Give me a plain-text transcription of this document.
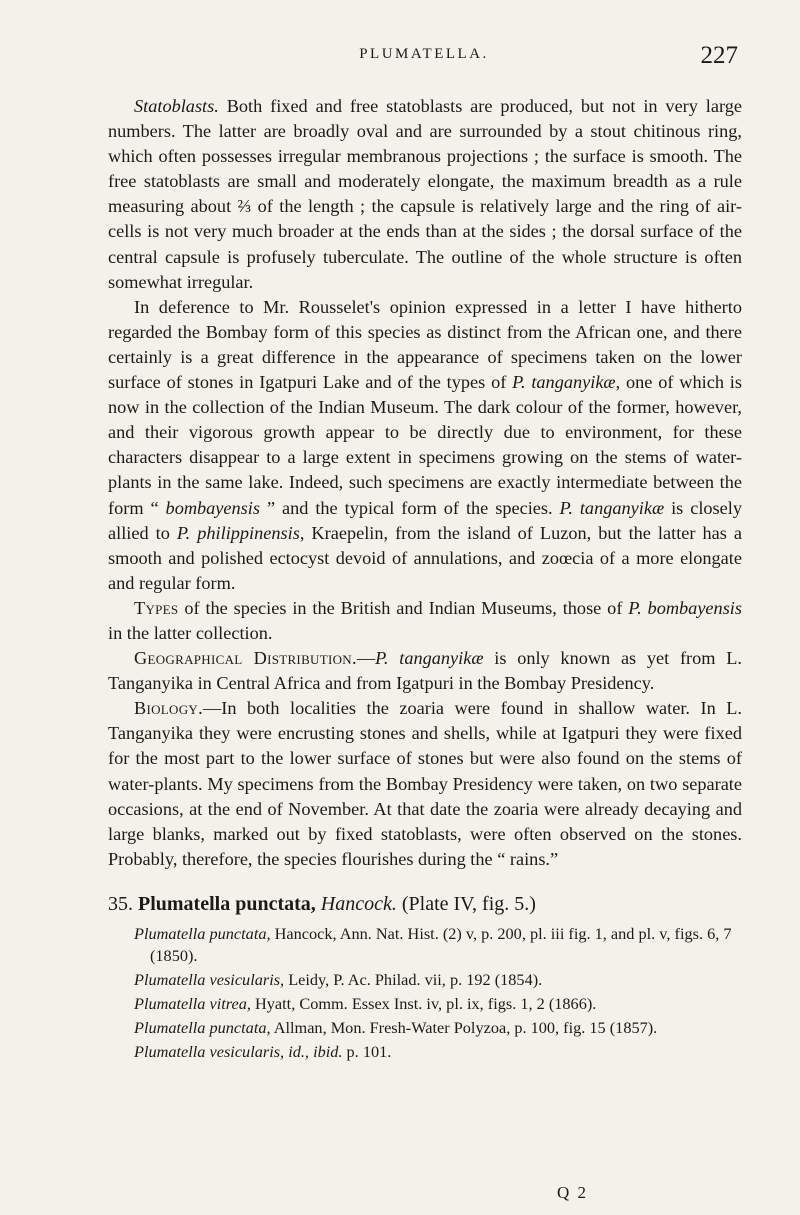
PLUMATELLA.	227

Statoblasts. Both fixed and free statoblasts are produced, but not in very large numbers. The latter are broadly oval and are surrounded by a stout chitinous ring, which often possesses irregular membranous projections ; the surface is smooth. The free statoblasts are small and moderately elongate, the maximum breadth as a rule measuring about ⅔ of the length ; the capsule is relatively large and the ring of air-cells is not very much broader at the ends than at the sides ; the dorsal surface of the central capsule is profusely tuberculate. The outline of the whole structure is often somewhat irregular.

In deference to Mr. Rousselet's opinion expressed in a letter I have hitherto regarded the Bombay form of this species as distinct from the African one, and there certainly is a great difference in the appearance of specimens taken on the lower surface of stones in Igatpuri Lake and of the types of P. tanganyikæ, one of which is now in the collection of the Indian Museum. The dark colour of the former, however, and their vigorous growth appear to be directly due to environment, for these characters disappear to a large extent in specimens growing on the stems of water-plants in the same lake. Indeed, such specimens are exactly intermediate between the form “ bombayensis ” and the typical form of the species. P. tanganyikæ is closely allied to P. philippinensis, Kraepelin, from the island of Luzon, but the latter has a smooth and polished ectocyst devoid of annulations, and zoœcia of a more elongate and regular form.

Types of the species in the British and Indian Museums, those of P. bombayensis in the latter collection.

Geographical Distribution.—P. tanganyikæ is only known as yet from L. Tanganyika in Central Africa and from Igatpuri in the Bombay Presidency.

Biology.—In both localities the zoaria were found in shallow water. In L. Tanganyika they were encrusting stones and shells, while at Igatpuri they were fixed for the most part to the lower surface of stones but were also found on the stems of water-plants. My specimens from the Bombay Presidency were taken, on two separate occasions, at the end of November. At that date the zoaria were already decaying and large blanks, marked out by fixed statoblasts, were often observed on the stones. Probably, therefore, the species flourishes during the “ rains.”

35. Plumatella punctata, Hancock. (Plate IV, fig. 5.)
Plumatella punctata, Hancock, Ann. Nat. Hist. (2) v, p. 200, pl. iii fig. 1, and pl. v, figs. 6, 7 (1850).
Plumatella vesicularis, Leidy, P. Ac. Philad. vii, p. 192 (1854).
Plumatella vitrea, Hyatt, Comm. Essex Inst. iv, pl. ix, figs. 1, 2 (1866).
Plumatella punctata, Allman, Mon. Fresh-Water Polyzoa, p. 100, fig. 15 (1857).
Plumatella vesicularis, id., ibid. p. 101.
Q 2
